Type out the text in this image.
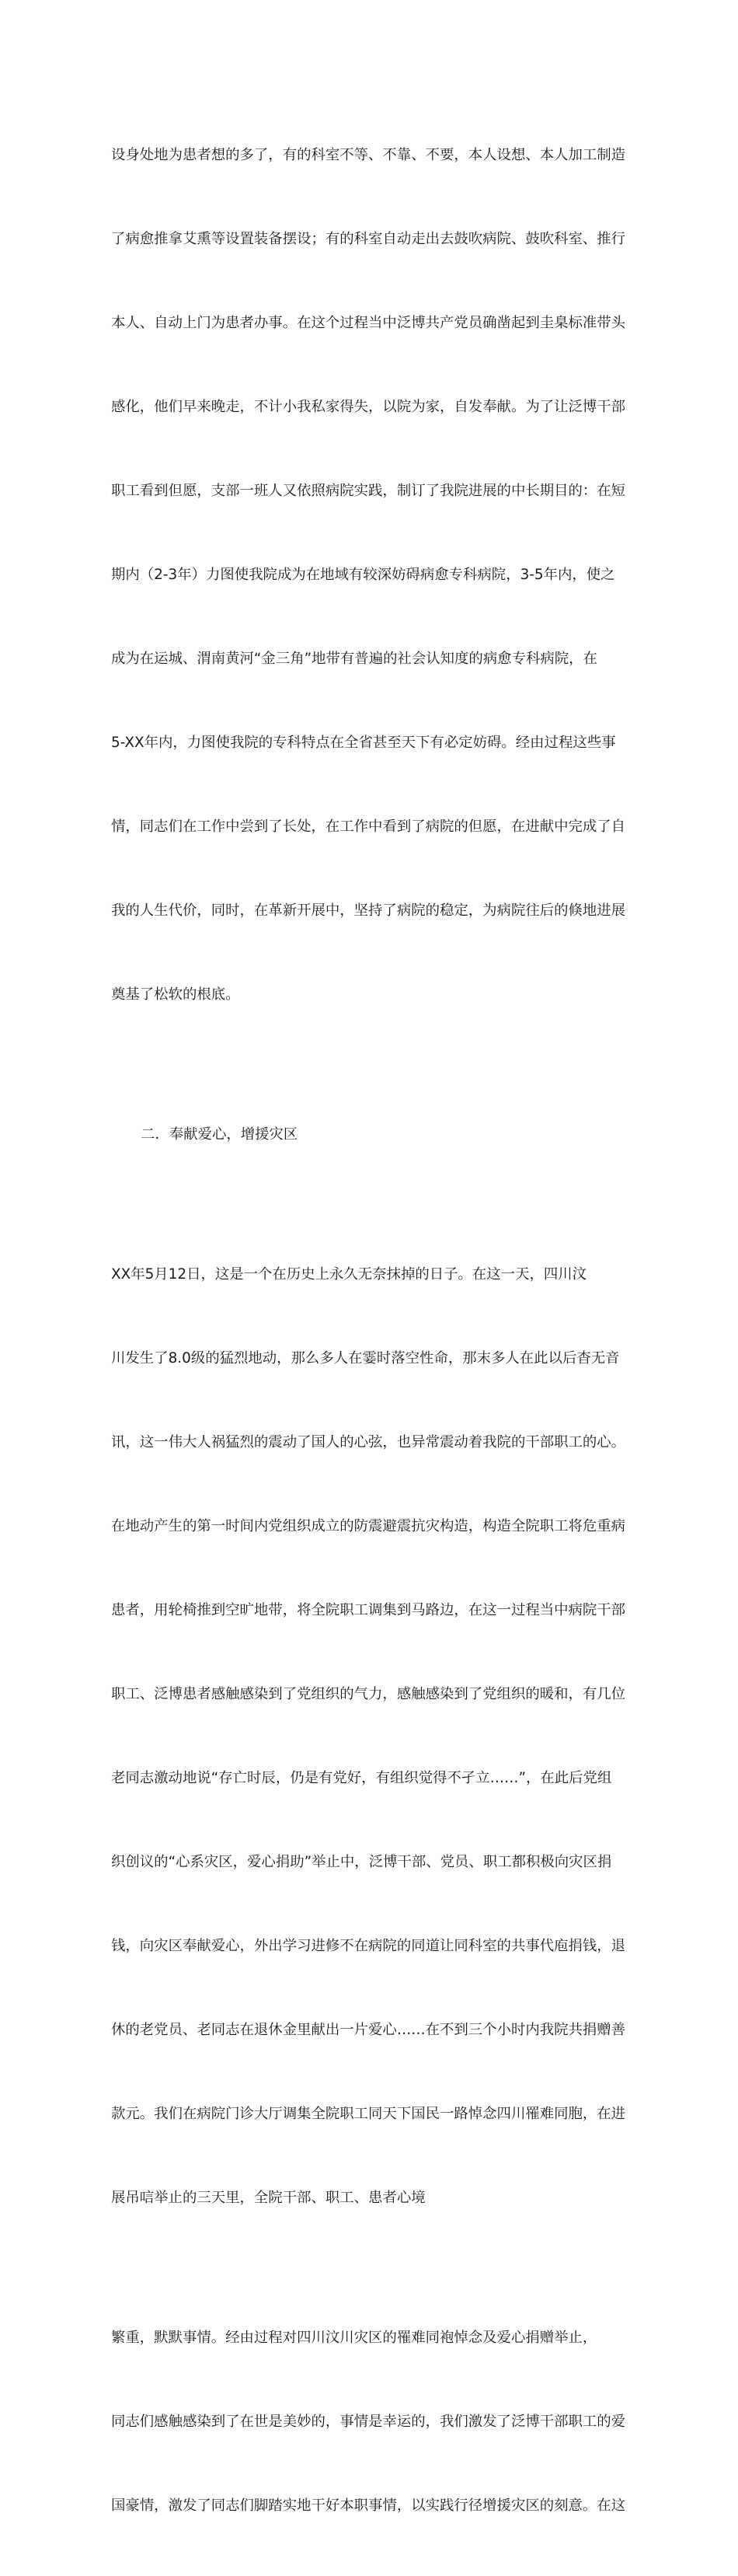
设身处地为患者想的多了，有的科室不等、不靠、不要，本人设想、本人加工制造

了病愈推拿艾熏等设置装备摆设；有的科室自动走出去鼓吹病院、鼓吹科室、推行

本人、自动上门为患者办事。在这个过程当中泛博共产党员确凿起到圭臬标准带头

感化，他们早来晚走，不计小我私家得失，以院为家，自发奉献。为了让泛博干部

职工看到但愿，支部一班人又依照病院实践，制订了我院进展的中长期目的：在短

期内（2-3年）力图使我院成为在地域有较深妨碍病愈专科病院，3-5年内，使之

成为在运城、渭南黄河“金三角”地带有普遍的社会认知度的病愈专科病院，在

5-XX年内，力图使我院的专科特点在全省甚至天下有必定妨碍。经由过程这些事

情，同志们在工作中尝到了长处，在工作中看到了病院的但愿，在进献中完成了自

我的人生代价，同时，在革新开展中，坚持了病院的稳定，为病院往后的倏地进展

奠基了松软的根底。

二．奉献爱心，增援灾区

XX年5月12日，这是一个在历史上永久无奈抹掉的日子。在这一天，四川汶

川发生了8.0级的猛烈地动，那么多人在霎时落空性命，那末多人在此以后杳无音

讯，这一伟大人祸猛烈的震动了国人的心弦，也异常震动着我院的干部职工的心。

在地动产生的第一时间内党组织成立的防震避震抗灾构造，构造全院职工将危重病

患者，用轮椅推到空旷地带，将全院职工调集到马路边，在这一过程当中病院干部

职工、泛博患者感触感染到了党组织的气力，感触感染到了党组织的暖和，有几位

老同志激动地说“存亡时辰，仍是有党好，有组织觉得不孑立……”，在此后党组

织创议的“心系灾区，爱心捐助”举止中，泛博干部、党员、职工都积极向灾区捐

钱，向灾区奉献爱心，外出学习进修不在病院的同道让同科室的共事代庖捐钱，退

休的老党员、老同志在退休金里献出一片爱心……在不到三个小时内我院共捐赠善

款元。我们在病院门诊大厅调集全院职工同天下国民一路悼念四川罹难同胞，在进

展吊唁举止的三天里，全院干部、职工、患者心境

繁重，默默事情。经由过程对四川汶川灾区的罹难同袍悼念及爱心捐赠举止，

同志们感触感染到了在世是美妙的，事情是幸运的，我们激发了泛博干部职工的爱

国豪情，激发了同志们脚踏实地干好本职事情，以实践行径增援灾区的刻意。在这
